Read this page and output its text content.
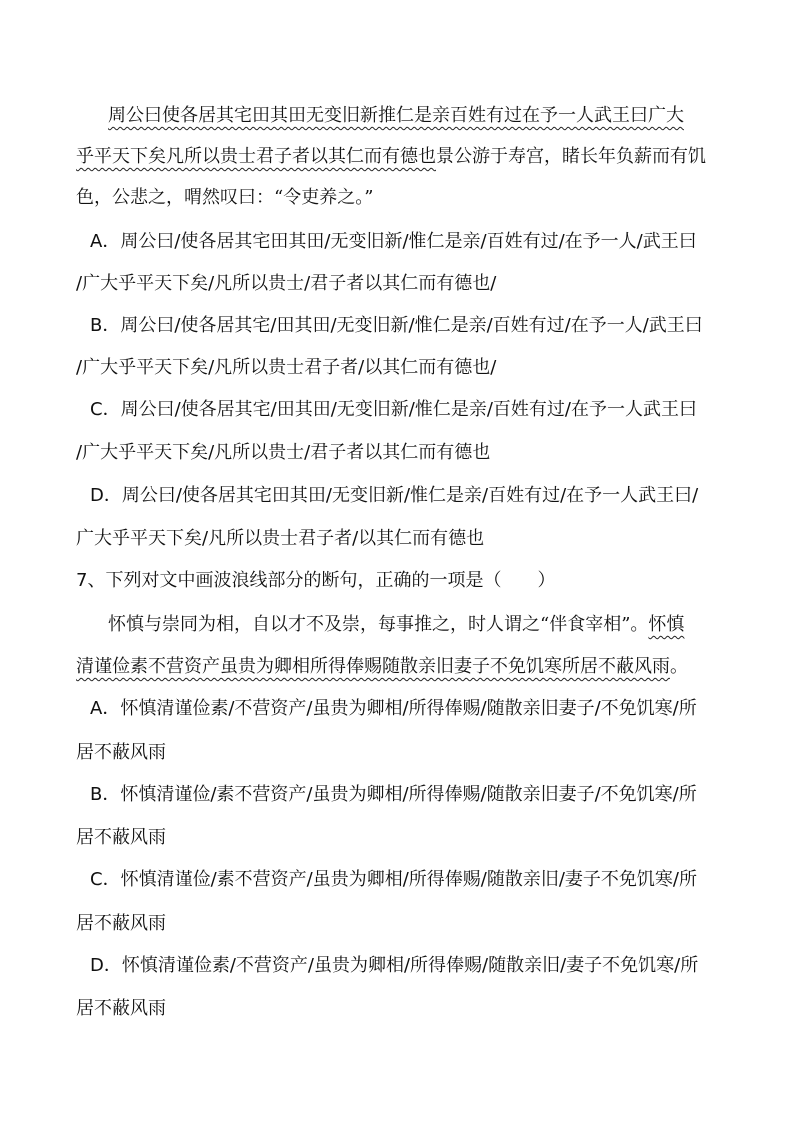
周公曰使各居其宅田其田无变旧新推仁是亲百姓有过在予一人武王曰广大
乎平天下矣凡所以贵士君子者以其仁而有德也景公游于寿宫，睹长年负薪而有饥
色，公悲之，喟然叹曰：“令吏养之。”
A．周公曰/使各居其宅田其田/无变旧新/惟仁是亲/百姓有过/在予一人/武王曰
/广大乎平天下矣/凡所以贵士/君子者以其仁而有德也/
B．周公曰/使各居其宅/田其田/无变旧新/惟仁是亲/百姓有过/在予一人/武王曰
/广大乎平天下矣/凡所以贵士君子者/以其仁而有德也/
C．周公曰/使各居其宅/田其田/无变旧新/惟仁是亲/百姓有过/在予一人武王曰
/广大乎平天下矣/凡所以贵士/君子者以其仁而有德也
D．周公曰/使各居其宅田其田/无变旧新/惟仁是亲/百姓有过/在予一人武王曰/
广大乎平天下矣/凡所以贵士君子者/以其仁而有德也
7、下列对文中画波浪线部分的断句，正确的一项是（　　）
怀慎与崇同为相，自以才不及崇，每事推之，时人谓之“伴食宰相”。怀慎
清谨俭素不营资产虽贵为卿相所得俸赐随散亲旧妻子不免饥寒所居不蔽风雨。
A．怀慎清谨俭素/不营资产/虽贵为卿相/所得俸赐/随散亲旧妻子/不免饥寒/所
居不蔽风雨
B．怀慎清谨俭/素不营资产/虽贵为卿相/所得俸赐/随散亲旧妻子/不免饥寒/所
居不蔽风雨
C．怀慎清谨俭/素不营资产/虽贵为卿相/所得俸赐/随散亲旧/妻子不免饥寒/所
居不蔽风雨
D．怀慎清谨俭素/不营资产/虽贵为卿相/所得俸赐/随散亲旧/妻子不免饥寒/所
居不蔽风雨
